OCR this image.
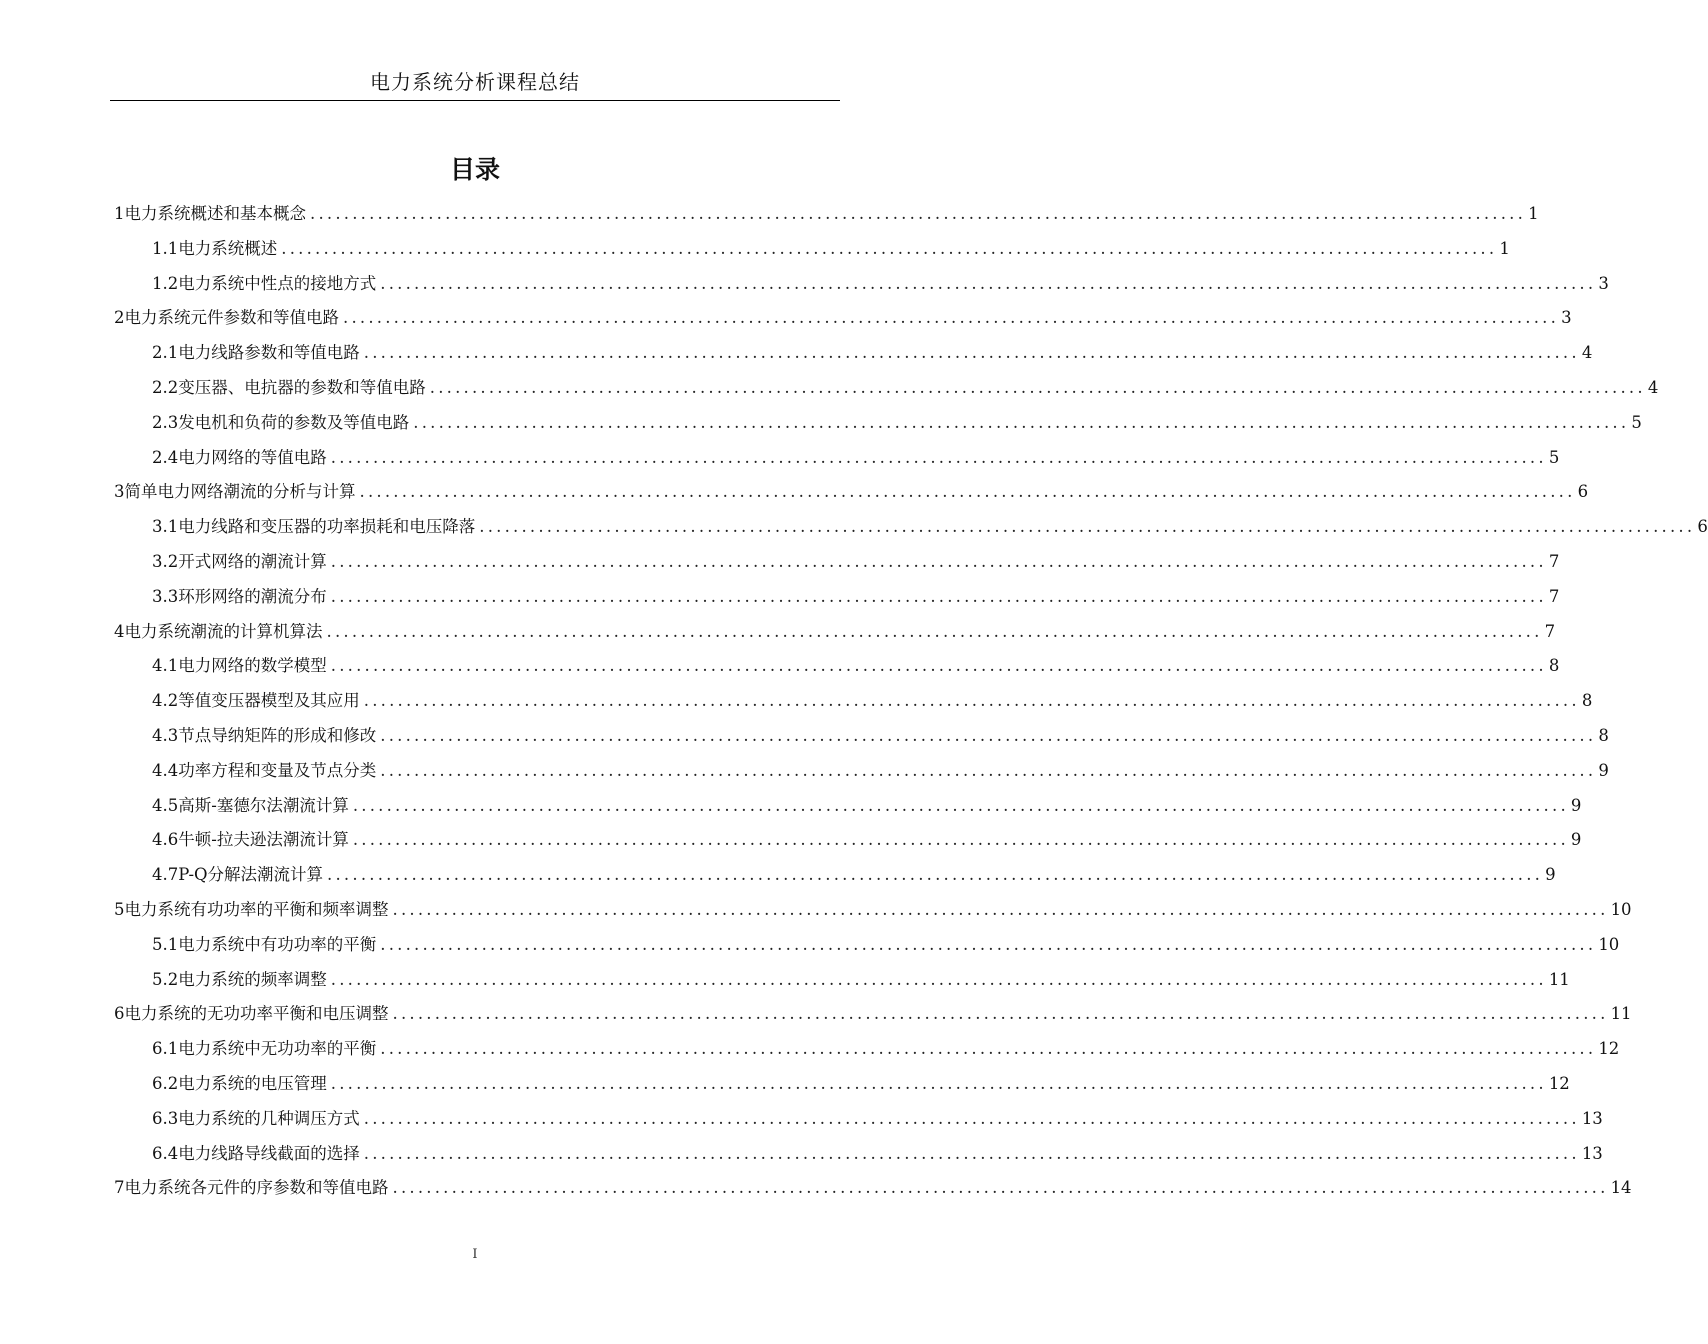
电力系统分析课程总结
目录
1电力系统概述和基本概念 ................................................................................................................................................ 1
1.1电力系统概述 ................................................................................................................................................ 1
1.2电力系统中性点的接地方式 ................................................................................................................................................ 3
2电力系统元件参数和等值电路 ................................................................................................................................................ 3
2.1电力线路参数和等值电路 ................................................................................................................................................ 4
2.2变压器、电抗器的参数和等值电路 ................................................................................................................................................ 4
2.3发电机和负荷的参数及等值电路 ................................................................................................................................................ 5
2.4电力网络的等值电路 ................................................................................................................................................ 5
3简单电力网络潮流的分析与计算 ................................................................................................................................................ 6
3.1电力线路和变压器的功率损耗和电压降落 ................................................................................................................................................ 6
3.2开式网络的潮流计算 ................................................................................................................................................ 7
3.3环形网络的潮流分布 ................................................................................................................................................ 7
4电力系统潮流的计算机算法 ................................................................................................................................................ 7
4.1电力网络的数学模型 ................................................................................................................................................ 8
4.2等值变压器模型及其应用 ................................................................................................................................................ 8
4.3节点导纳矩阵的形成和修改 ................................................................................................................................................ 8
4.4功率方程和变量及节点分类 ................................................................................................................................................ 9
4.5高斯-塞德尔法潮流计算 ................................................................................................................................................ 9
4.6牛顿-拉夫逊法潮流计算 ................................................................................................................................................ 9
4.7P-Q分解法潮流计算 ................................................................................................................................................ 9
5电力系统有功功率的平衡和频率调整 ................................................................................................................................................ 10
5.1电力系统中有功功率的平衡 ................................................................................................................................................ 10
5.2电力系统的频率调整 ................................................................................................................................................ 11
6电力系统的无功功率平衡和电压调整 ................................................................................................................................................ 11
6.1电力系统中无功功率的平衡 ................................................................................................................................................ 12
6.2电力系统的电压管理 ................................................................................................................................................ 12
6.3电力系统的几种调压方式 ................................................................................................................................................ 13
6.4电力线路导线截面的选择 ................................................................................................................................................ 13
7电力系统各元件的序参数和等值电路 ................................................................................................................................................ 14
I
